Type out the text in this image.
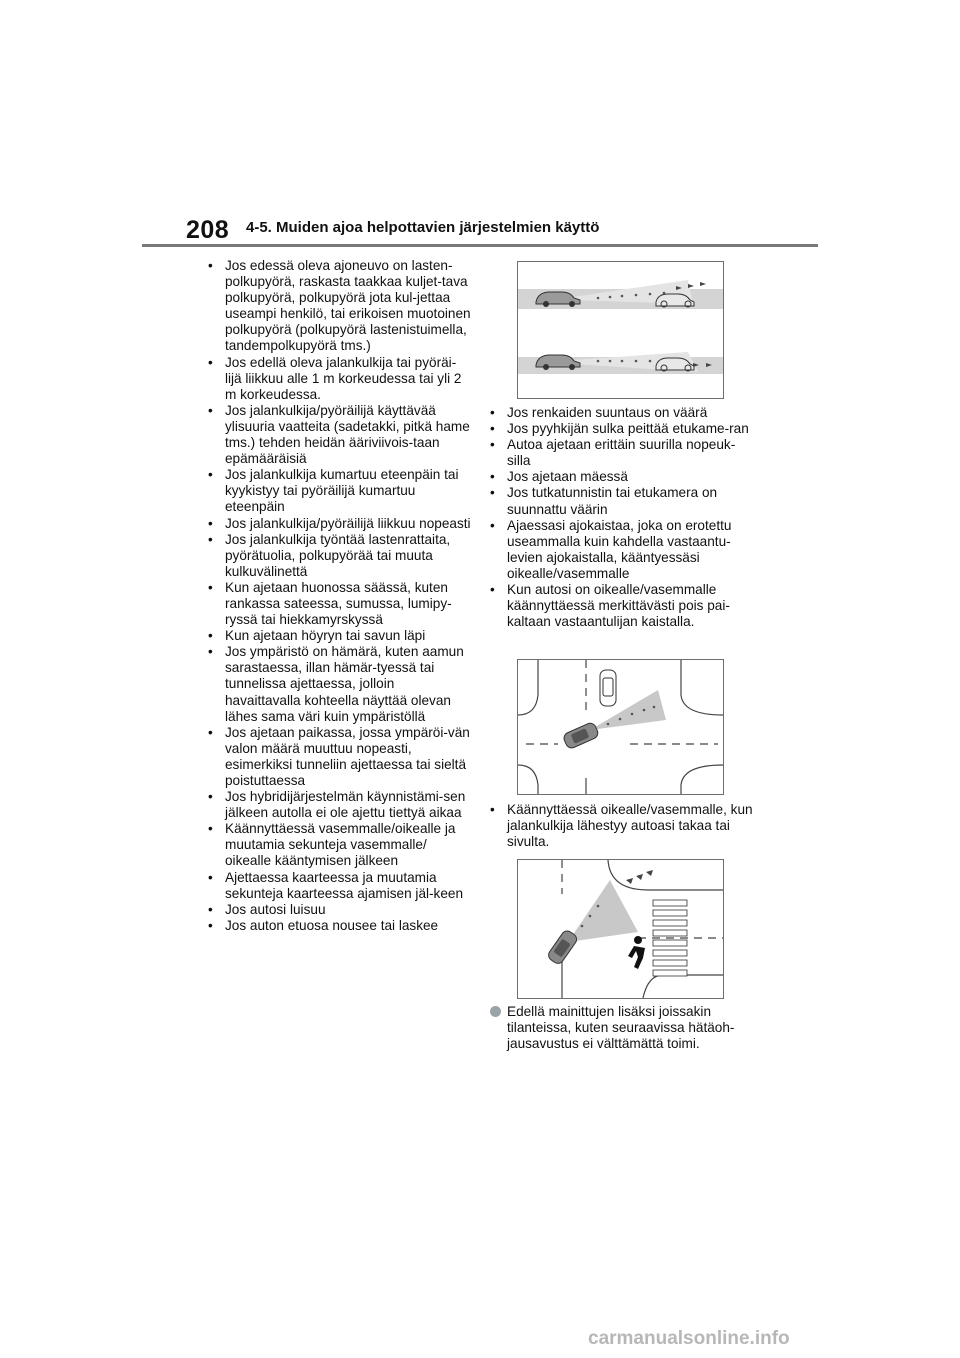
208 4-5. Muiden ajoa helpottavien järjestelmien käyttö
• Jos edessä oleva ajoneuvo on lasten-polkupyörä, raskasta taakkaa kuljet-tava polkupyörä, polkupyörä jota kul-jettaa useampi henkilö, tai erikoisen muotoinen polkupyörä (polkupyörä lastenistuimella, tandempolkupyörä tms.)
• Jos edellä oleva jalankulkija tai pyöräi-lijä liikkuu alle 1 m korkeudessa tai yli 2 m korkeudessa.
• Jos jalankulkija/pyöräilijä käyttävää ylisuuria vaatteita (sadetakki, pitkä hame tms.) tehden heidän ääriviivois-taan epämääräisiä
• Jos jalankulkija kumartuu eteenpäin tai kyykistyy tai pyöräilijä kumartuu eteenpäin
• Jos jalankulkija/pyöräilijä liikkuu nopeasti
• Jos jalankulkija työntää lastenrattaita, pyörätuolia, polkupyörää tai muuta kulkuvälinettä
• Kun ajetaan huonossa säässä, kuten rankassa sateessa, sumussa, lumipy-ryssä tai hiekkamyrskyssä
• Kun ajetaan höyryn tai savun läpi
• Jos ympäristö on hämärä, kuten aamun sarastaessa, illan hämär-tyessä tai tunnelissa ajettaessa, jolloin havaittavalla kohteella näyttää olevan lähes sama väri kuin ympäristöllä
• Jos ajetaan paikassa, jossa ympäröi-vän valon määrä muuttuu nopeasti, esimerkiksi tunneliin ajettaessa tai sieltä poistuttaessa
• Jos hybridijärjestelmän käynnistämi-sen jälkeen autolla ei ole ajettu tiettyä aikaa
• Käännyttäessä vasemmalle/oikealle ja muutamia sekunteja vasemmalle/ oikealle kääntymisen jälkeen
• Ajettaessa kaarteessa ja muutamia sekunteja kaarteessa ajamisen jäl-keen
• Jos autosi luisuu
• Jos auton etuosa nousee tai laskee
• Jos renkaiden suuntaus on väärä
• Jos pyyhkijän sulka peittää etukame-ran
• Autoa ajetaan erittäin suurilla nopeuk-silla
• Jos ajetaan mäessä
• Jos tutkatunnistin tai etukamera on suunnattu väärin
• Ajaessasi ajokaistaa, joka on erotettu useammalla kuin kahdella vastaantu-levien ajokaistalla, kääntyessäsi oikealle/vasemmalle
• Kun autosi on oikealle/vasemmalle käännyttäessä merkittävästi pois pai-kaltaan vastaantulijan kaistalla.
• Käännyttäessä oikealle/vasemmalle, kun jalankulkija lähestyy autoasi takaa tai sivulta.
Edellä mainittujen lisäksi joissakin tilanteissa, kuten seuraavissa hätäoh-jausavustus ei välttämättä toimi.
carmanualsonline.info
